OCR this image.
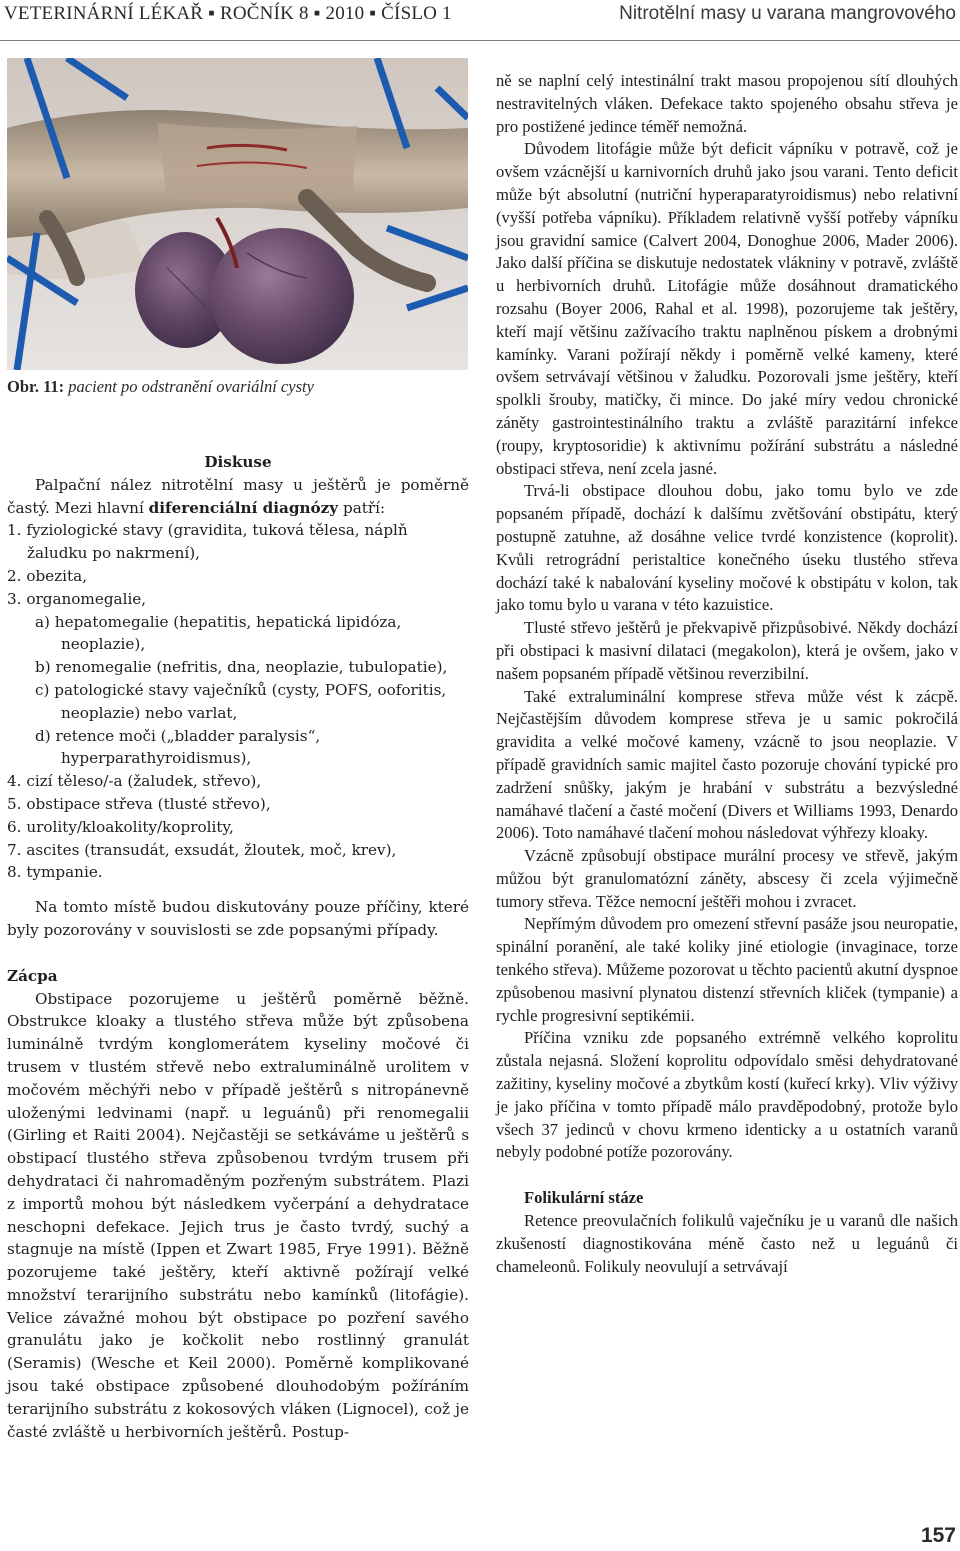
VETERINÁRNÍ LÉKAŘ ▪ ROČNÍK 8 ▪ 2010 ▪ ČÍSLO 1	Nitrotělní masy u varana mangrovového
Obr. 11: pacient po odstranění ovariální cysty
Diskuse

Palpační nález nitrotělní masy u ještěrů je poměrně častý. Mezi hlavní diferenciální diagnózy patří:

1. fyziologické stavy (gravidita, tuková tělesa, náplň žaludku po nakrmení),
2. obezita,
3. organomegalie,
a) hepatomegalie (hepatitis, hepatická lipidóza, neoplazie),
b) renomegalie (nefritis, dna, neoplazie, tubulopatie),
c) patologické stavy vaječníků (cysty, POFS, ooforitis, neoplazie) nebo varlat,
d) retence moči („bladder paralysis“, hyperparathyroidismus),
4. cizí těleso/-a (žaludek, střevo),
5. obstipace střeva (tlusté střevo),
6. urolity/kloakolity/koprolity,
7. ascites (transudát, exsudát, žloutek, moč, krev),
8. tympanie.

Na tomto místě budou diskutovány pouze příčiny, které byly pozorovány v souvislosti se zde popsanými případy.

Zácpa

Obstipace pozorujeme u ještěrů poměrně běžně. Obstrukce kloaky a tlustého střeva může být způsobena luminálně tvrdým konglomerátem kyseliny močové či trusem v tlustém střevě nebo extraluminálně urolitem v močovém měchýři nebo v případě ještěrů s nitropánevně uloženými ledvinami (např. u leguánů) při renomegalii (Girling et Raiti 2004). Nejčastěji se setkáváme u ještěrů s obstipací tlustého střeva způsobenou tvrdým trusem při dehydrataci či nahromaděným pozřeným substrátem. Plazi z importů mohou být následkem vyčerpání a dehydratace neschopni defekace. Jejich trus je často tvrdý, suchý a stagnuje na místě (Ippen et Zwart 1985, Frye 1991). Běžně pozorujeme také ještěry, kteří aktivně požírají velké množství terarijního substrátu nebo kamínků (litofágie). Velice závažné mohou být obstipace po pozření savého granulátu jako je kočkolit nebo rostlinný granulát (Seramis) (Wesche et Keil 2000). Poměrně komplikované jsou také obstipace způsobené dlouhodobým požíráním terarijního substrátu z kokosových vláken (Lignocel), což je časté zvláště u herbivorních ještěrů. Postup-

ně se naplní celý intestinální trakt masou propojenou sítí dlouhých nestravitelných vláken. Defekace takto spojeného obsahu střeva je pro postižené jedince téměř nemožná.

Důvodem litofágie může být deficit vápníku v potravě, což je ovšem vzácnější u karnivorních druhů jako jsou varani. Tento deficit může být absolutní (nutriční hyperaparatyroidismus) nebo relativní (vyšší potřeba vápníku). Příkladem relativně vyšší potřeby vápníku jsou gravidní samice (Calvert 2004, Donoghue 2006, Mader 2006). Jako další příčina se diskutuje nedostatek vlákniny v potravě, zvláště u herbivorních druhů. Litofágie může dosáhnout dramatického rozsahu (Boyer 2006, Rahal et al. 1998), pozorujeme tak ještěry, kteří mají většinu zažívacího traktu naplněnou pískem a drobnými kamínky. Varani požírají někdy i poměrně velké kameny, které ovšem setrvávají většinou v žaludku. Pozorovali jsme ještěry, kteří spolkli šrouby, matičky, či mince. Do jaké míry vedou chronické záněty gastrointestinálního traktu a zvláště parazitární infekce (roupy, kryptosoridie) k aktivnímu požírání substrátu a následné obstipaci střeva, není zcela jasné.

Trvá-li obstipace dlouhou dobu, jako tomu bylo ve zde popsaném případě, dochází k dalšímu zvětšování obstipátu, který postupně zatuhne, až dosáhne velice tvrdé konzistence (koprolit). Kvůli retrográdní peristaltice konečného úseku tlustého střeva dochází také k nabalování kyseliny močové k obstipátu v kolon, tak jako tomu bylo u varana v této kazuistice.

Tlusté střevo ještěrů je překvapivě přizpůsobivé. Někdy dochází při obstipaci k masivní dilataci (megakolon), která je ovšem, jako v našem popsaném případě většinou reverzibilní.

Také extraluminální komprese střeva může vést k zácpě. Nejčastějším důvodem komprese střeva je u samic pokročilá gravidita a velké močové kameny, vzácně to jsou neoplazie. V případě gravidních samic majitel často pozoruje chování typické pro zadržení snůšky, jakým je hrabání v substrátu a bezvýsledné namáhavé tlačení a časté močení (Divers et Williams 1993, Denardo 2006). Toto namáhavé tlačení mohou následovat výhřezy kloaky.

Vzácně způsobují obstipace murální procesy ve střevě, jakým můžou být granulomatózní záněty, abscesy či zcela výjimečně tumory střeva. Těžce nemocní ještěři mohou i zvracet.

Nepřímým důvodem pro omezení střevní pasáže jsou neuropatie, spinální poranění, ale také koliky jiné etiologie (invaginace, torze tenkého střeva). Můžeme pozorovat u těchto pacientů akutní dyspnoe způsobenou masivní plynatou distenzí střevních kliček (tympanie) a rychle progresivní septikémii.

Příčina vzniku zde popsaného extrémně velkého koprolitu zůstala nejasná. Složení koprolitu odpovídalo směsi dehydratované zažitiny, kyseliny močové a zbytkům kostí (kuřecí krky). Vliv výživy je jako příčina v tomto případě málo pravděpodobný, protože bylo všech 37 jedinců v chovu krmeno identicky a u ostatních varanů nebyly podobné potíže pozorovány.

Folikulární stáze

Retence preovulačních folikulů vaječníku je u varanů dle našich zkušeností diagnostikována méně často než u leguánů či chameleonů. Folikuly neovulují a setrvávají

157
